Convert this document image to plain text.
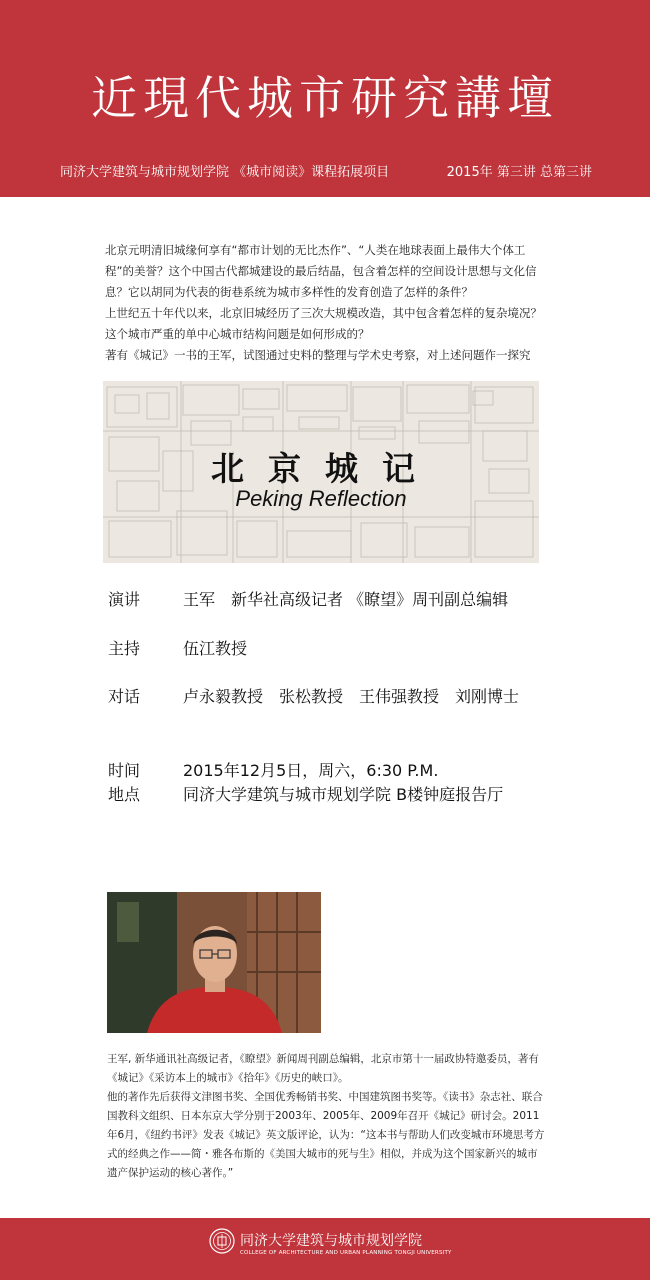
近現代城市研究講壇
同济大学建筑与城市规划学院 《城市阅读》课程拓展项目	2015年 第三讲 总第三讲

北京元明清旧城缘何享有“都市计划的无比杰作”、“人类在地球表面上最伟大个体工程”的美誉？这个中国古代都城建设的最后结晶，包含着怎样的空间设计思想与文化信息？它以胡同为代表的街巷系统为城市多样性的发育创造了怎样的条件？

上世纪五十年代以来，北京旧城经历了三次大规模改造，其中包含着怎样的复杂境况？这个城市严重的单中心城市结构问题是如何形成的？

著有《城记》一书的王军，试图通过史料的整理与学术史考察，对上述问题作一探究

北京城记
Peking Reflection
演讲	王军　新华社高级记者 《瞭望》周刊副总编辑
主持	伍江教授
对话	卢永毅教授　张松教授　王伟强教授　刘刚博士
时间	2015年12月5日，周六，6:30 P.M.
地点	同济大学建筑与城市规划学院 B楼钟庭报告厅

王军, 新华通讯社高级记者，《瞭望》新闻周刊副总编辑，北京市第十一届政协特邀委员，著有《城记》《采访本上的城市》《拾年》《历史的峡口》。

他的著作先后获得文津图书奖、全国优秀畅销书奖、中国建筑图书奖等。《读书》杂志社、联合国教科文组织、日本东京大学分别于2003年、2005年、2009年召开《城记》研讨会。2011年6月，《纽约书评》发表《城记》英文版评论，认为：“这本书与帮助人们改变城市环境思考方式的经典之作——简・雅各布斯的《美国大城市的死与生》相似，并成为这个国家新兴的城市遗产保护运动的核心著作。”

同济大学建筑与城市规划学院
COLLEGE OF ARCHITECTURE AND URBAN PLANNING TONGJI UNIVERSITY
